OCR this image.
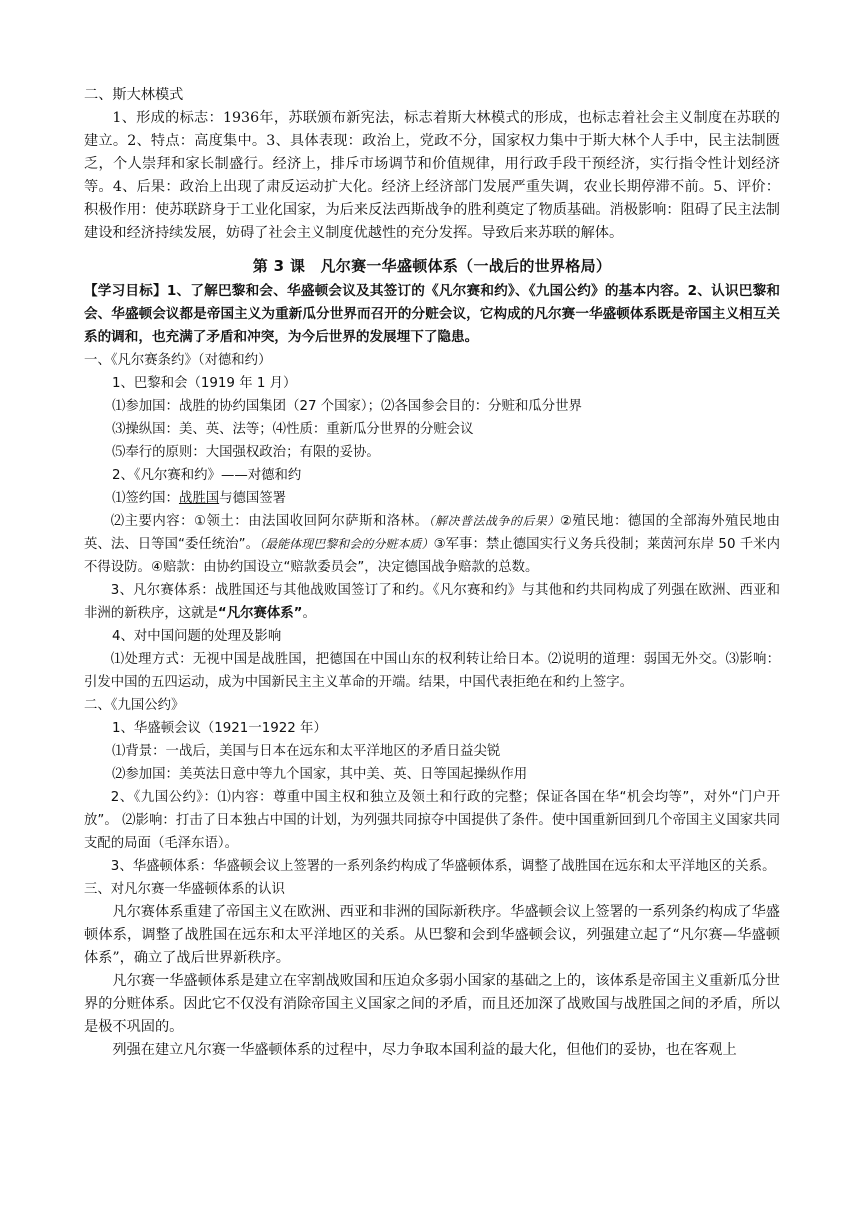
二、斯大林模式

1、形成的标志：1936年，苏联颁布新宪法，标志着斯大林模式的形成，也标志着社会主义制度在苏联的建立。2、特点：高度集中。3、具体表现：政治上，党政不分，国家权力集中于斯大林个人手中，民主法制匮乏，个人崇拜和家长制盛行。经济上，排斥市场调节和价值规律，用行政手段干预经济，实行指令性计划经济等。4、后果：政治上出现了肃反运动扩大化。经济上经济部门发展严重失调，农业长期停滞不前。5、评价：积极作用：使苏联跻身于工业化国家，为后来反法西斯战争的胜利奠定了物质基础。消极影响：阻碍了民主法制建设和经济持续发展，妨碍了社会主义制度优越性的充分发挥。导致后来苏联的解体。

第 3 课　凡尔赛一华盛顿体系（一战后的世界格局）

【学习目标】1、了解巴黎和会、华盛顿会议及其签订的《凡尔赛和约》、《九国公约》的基本内容。2、认识巴黎和会、华盛顿会议都是帝国主义为重新瓜分世界而召开的分赃会议，它构成的凡尔赛一华盛顿体系既是帝国主义相互关系的调和，也充满了矛盾和冲突，为今后世界的发展埋下了隐患。

一、《凡尔赛条约》（对德和约）

1、巴黎和会（1919 年 1 月）

⑴参加国：战胜的协约国集团（27 个国家）；⑵各国参会目的：分赃和瓜分世界

⑶操纵国：美、英、法等；⑷性质：重新瓜分世界的分赃会议

⑸奉行的原则：大国强权政治；有限的妥协。

2、《凡尔赛和约》——对德和约

⑴签约国：战胜国与德国签署

⑵主要内容：①领土：由法国收回阿尔萨斯和洛林。（解决普法战争的后果）②殖民地：德国的全部海外殖民地由英、法、日等国“委任统治”。（最能体现巴黎和会的分赃本质）③军事：禁止德国实行义务兵役制；莱茵河东岸 50 千米内不得设防。④赔款：由协约国设立“赔款委员会”，决定德国战争赔款的总数。

3、凡尔赛体系：战胜国还与其他战败国签订了和约。《凡尔赛和约》与其他和约共同构成了列强在欧洲、西亚和非洲的新秩序，这就是“凡尔赛体系”。

4、对中国问题的处理及影响

⑴处理方式：无视中国是战胜国，把德国在中国山东的权利转让给日本。⑵说明的道理：弱国无外交。⑶影响：引发中国的五四运动，成为中国新民主主义革命的开端。结果，中国代表拒绝在和约上签字。

二、《九国公约》

1、华盛顿会议（1921一1922 年）

⑴背景：一战后，美国与日本在远东和太平洋地区的矛盾日益尖锐

⑵参加国：美英法日意中等九个国家，其中美、英、日等国起操纵作用

2、《九国公约》：⑴内容：尊重中国主权和独立及领土和行政的完整；保证各国在华“机会均等”，对外“门户开放”。 ⑵影响：打击了日本独占中国的计划，为列强共同掠夺中国提供了条件。使中国重新回到几个帝国主义国家共同支配的局面（毛泽东语）。

3、华盛顿体系：华盛顿会议上签署的一系列条约构成了华盛顿体系，调整了战胜国在远东和太平洋地区的关系。

三、对凡尔赛一华盛顿体系的认识

凡尔赛体系重建了帝国主义在欧洲、西亚和非洲的国际新秩序。华盛顿会议上签署的一系列条约构成了华盛顿体系，调整了战胜国在远东和太平洋地区的关系。从巴黎和会到华盛顿会议，列强建立起了“凡尔赛—华盛顿体系”，确立了战后世界新秩序。

凡尔赛一华盛顿体系是建立在宰割战败国和压迫众多弱小国家的基础之上的，该体系是帝国主义重新瓜分世界的分赃体系。因此它不仅没有消除帝国主义国家之间的矛盾，而且还加深了战败国与战胜国之间的矛盾，所以是极不巩固的。

列强在建立凡尔赛一华盛顿体系的过程中，尽力争取本国利益的最大化，但他们的妥协，也在客观上
